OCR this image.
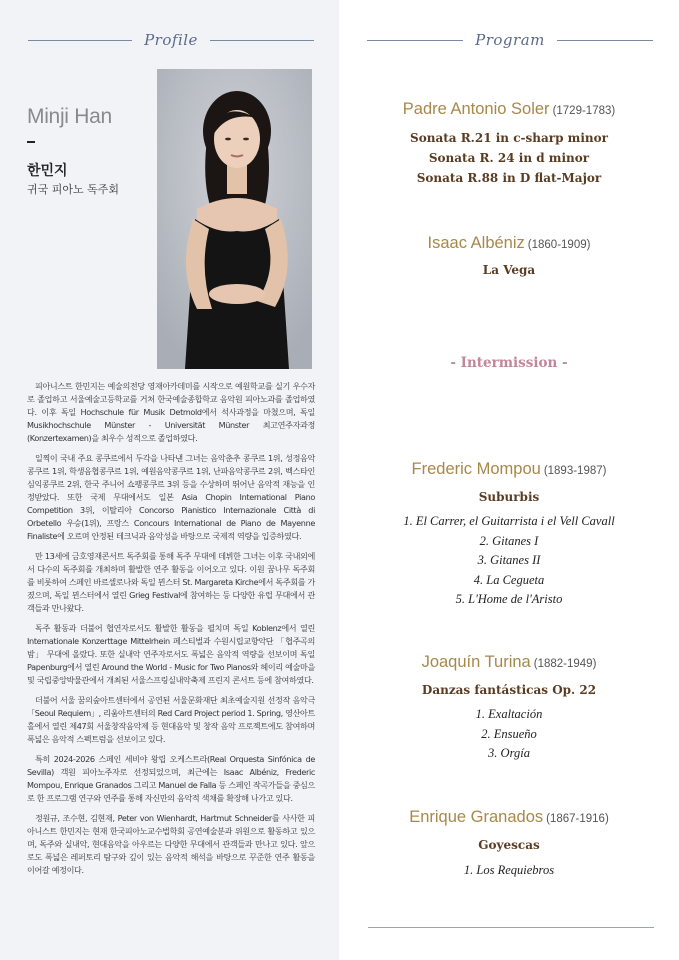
Profile
Minji Han
한민지
귀국 피아노 독주회

피아니스트 한민지는 예술의전당 영재아카데미를 시작으로 예원학교를 실기 우수자로 졸업하고 서울예술고등학교를 거쳐 한국예술종합학교 음악원 피아노과를 졸업하였다. 이후 독일 Hochschule für Musik Detmold에서 석사과정을 마쳤으며, 독일 Musikhochschule Münster - Universität Münster 최고연주자과정(Konzertexamen)을 최우수 성적으로 졸업하였다.

일찍이 국내 주요 콩쿠르에서 두각을 나타낸 그녀는 음악춘추 콩쿠르 1위, 성정음악콩쿠르 1위, 학생음협콩쿠르 1위, 예원음악콩쿠르 1위, 난파음악콩쿠르 2위, 벡스타인 심익콩쿠르 2위, 한국 주니어 쇼팽콩쿠르 3위 등을 수상하며 뛰어난 음악적 재능을 인정받았다. 또한 국제 무대에서도 일본 Asia Chopin International Piano Competition 3위, 이탈리아 Concorso Pianistico Internazionale Città di Orbetello 우승(1위), 프랑스 Concours International de Piano de Mayenne Finaliste에 오르며 안정된 테크닉과 음악성을 바탕으로 국제적 역량을 입증하였다.

만 13세에 금호영재콘서트 독주회를 통해 독주 무대에 데뷔한 그녀는 이후 국내외에서 다수의 독주회를 개최하며 활발한 연주 활동을 이어오고 있다. 이원 꿈나무 독주회를 비롯하여 스페인 바르셀로나와 독일 뮌스터 St. Margareta Kirche에서 독주회를 가졌으며, 독일 뮌스터에서 열린 Grieg Festival에 참여하는 등 다양한 유럽 무대에서 관객들과 만나왔다.

독주 활동과 더불어 협연자로서도 활발한 활동을 펼치며 독일 Koblenz에서 열린 Internationale Konzerttage Mittelrhein 페스티벌과 수원시립교향악단 「협주곡의 밤」 무대에 올랐다. 또한 실내악 연주자로서도 폭넓은 음악적 역량을 선보이며 독일 Papenburg에서 열린 Around the World - Music for Two Pianos와 헤이리 예술마을 및 국립중앙박물관에서 개최된 서울스프링실내악축제 프린지 콘서트 등에 참여하였다.

더불어 서울 꿈의숲아트센터에서 공연된 서울문화재단 최초예술지원 선정작 음악극 「Seoul Requiem」, 리움아트센터의 Red Card Project period 1. Spring, 영산아트홀에서 열린 제47회 서울창작음악제 등 현대음악 및 창작 음악 프로젝트에도 참여하며 폭넓은 음악적 스펙트럼을 선보이고 있다.

특히 2024-2026 스페인 세비야 왕립 오케스트라(Real Orquesta Sinfónica de Sevilla) 객원 피아노주자로 선정되었으며, 최근에는 Isaac Albéniz, Frederic Mompou, Enrique Granados 그리고 Manuel de Falla 등 스페인 작곡가들을 중심으로 한 프로그램 연구와 연주를 통해 자신만의 음악적 색채를 확장해 나가고 있다.

정원규, 조수현, 김현재, Peter von Wienhardt, Hartmut Schneider를 사사한 피아니스트 한민지는 현재 한국피아노교수법학회 공연예술분과 위원으로 활동하고 있으며, 독주와 실내악, 현대음악을 아우르는 다양한 무대에서 관객들과 만나고 있다. 앞으로도 폭넓은 레퍼토리 탐구와 깊이 있는 음악적 해석을 바탕으로 꾸준한 연주 활동을 이어갈 예정이다.

Program
Padre Antonio Soler (1729-1783)
Sonata R.21 in c-sharp minor
Sonata R. 24 in d minor
Sonata R.88 in D flat-Major
Isaac Albéniz (1860-1909)
La Vega
- Intermission -
Frederic Mompou (1893-1987)
Suburbis
1. El Carrer, el Guitarrista i el Vell Cavall
2. Gitanes I
3. Gitanes II
4. La Cegueta
5. L'Home de l'Aristo
Joaquín Turina (1882-1949)
Danzas fantásticas Op. 22
1. Exaltación
2. Ensueño
3. Orgía
Enrique Granados (1867-1916)
Goyescas
1. Los Requiebros
